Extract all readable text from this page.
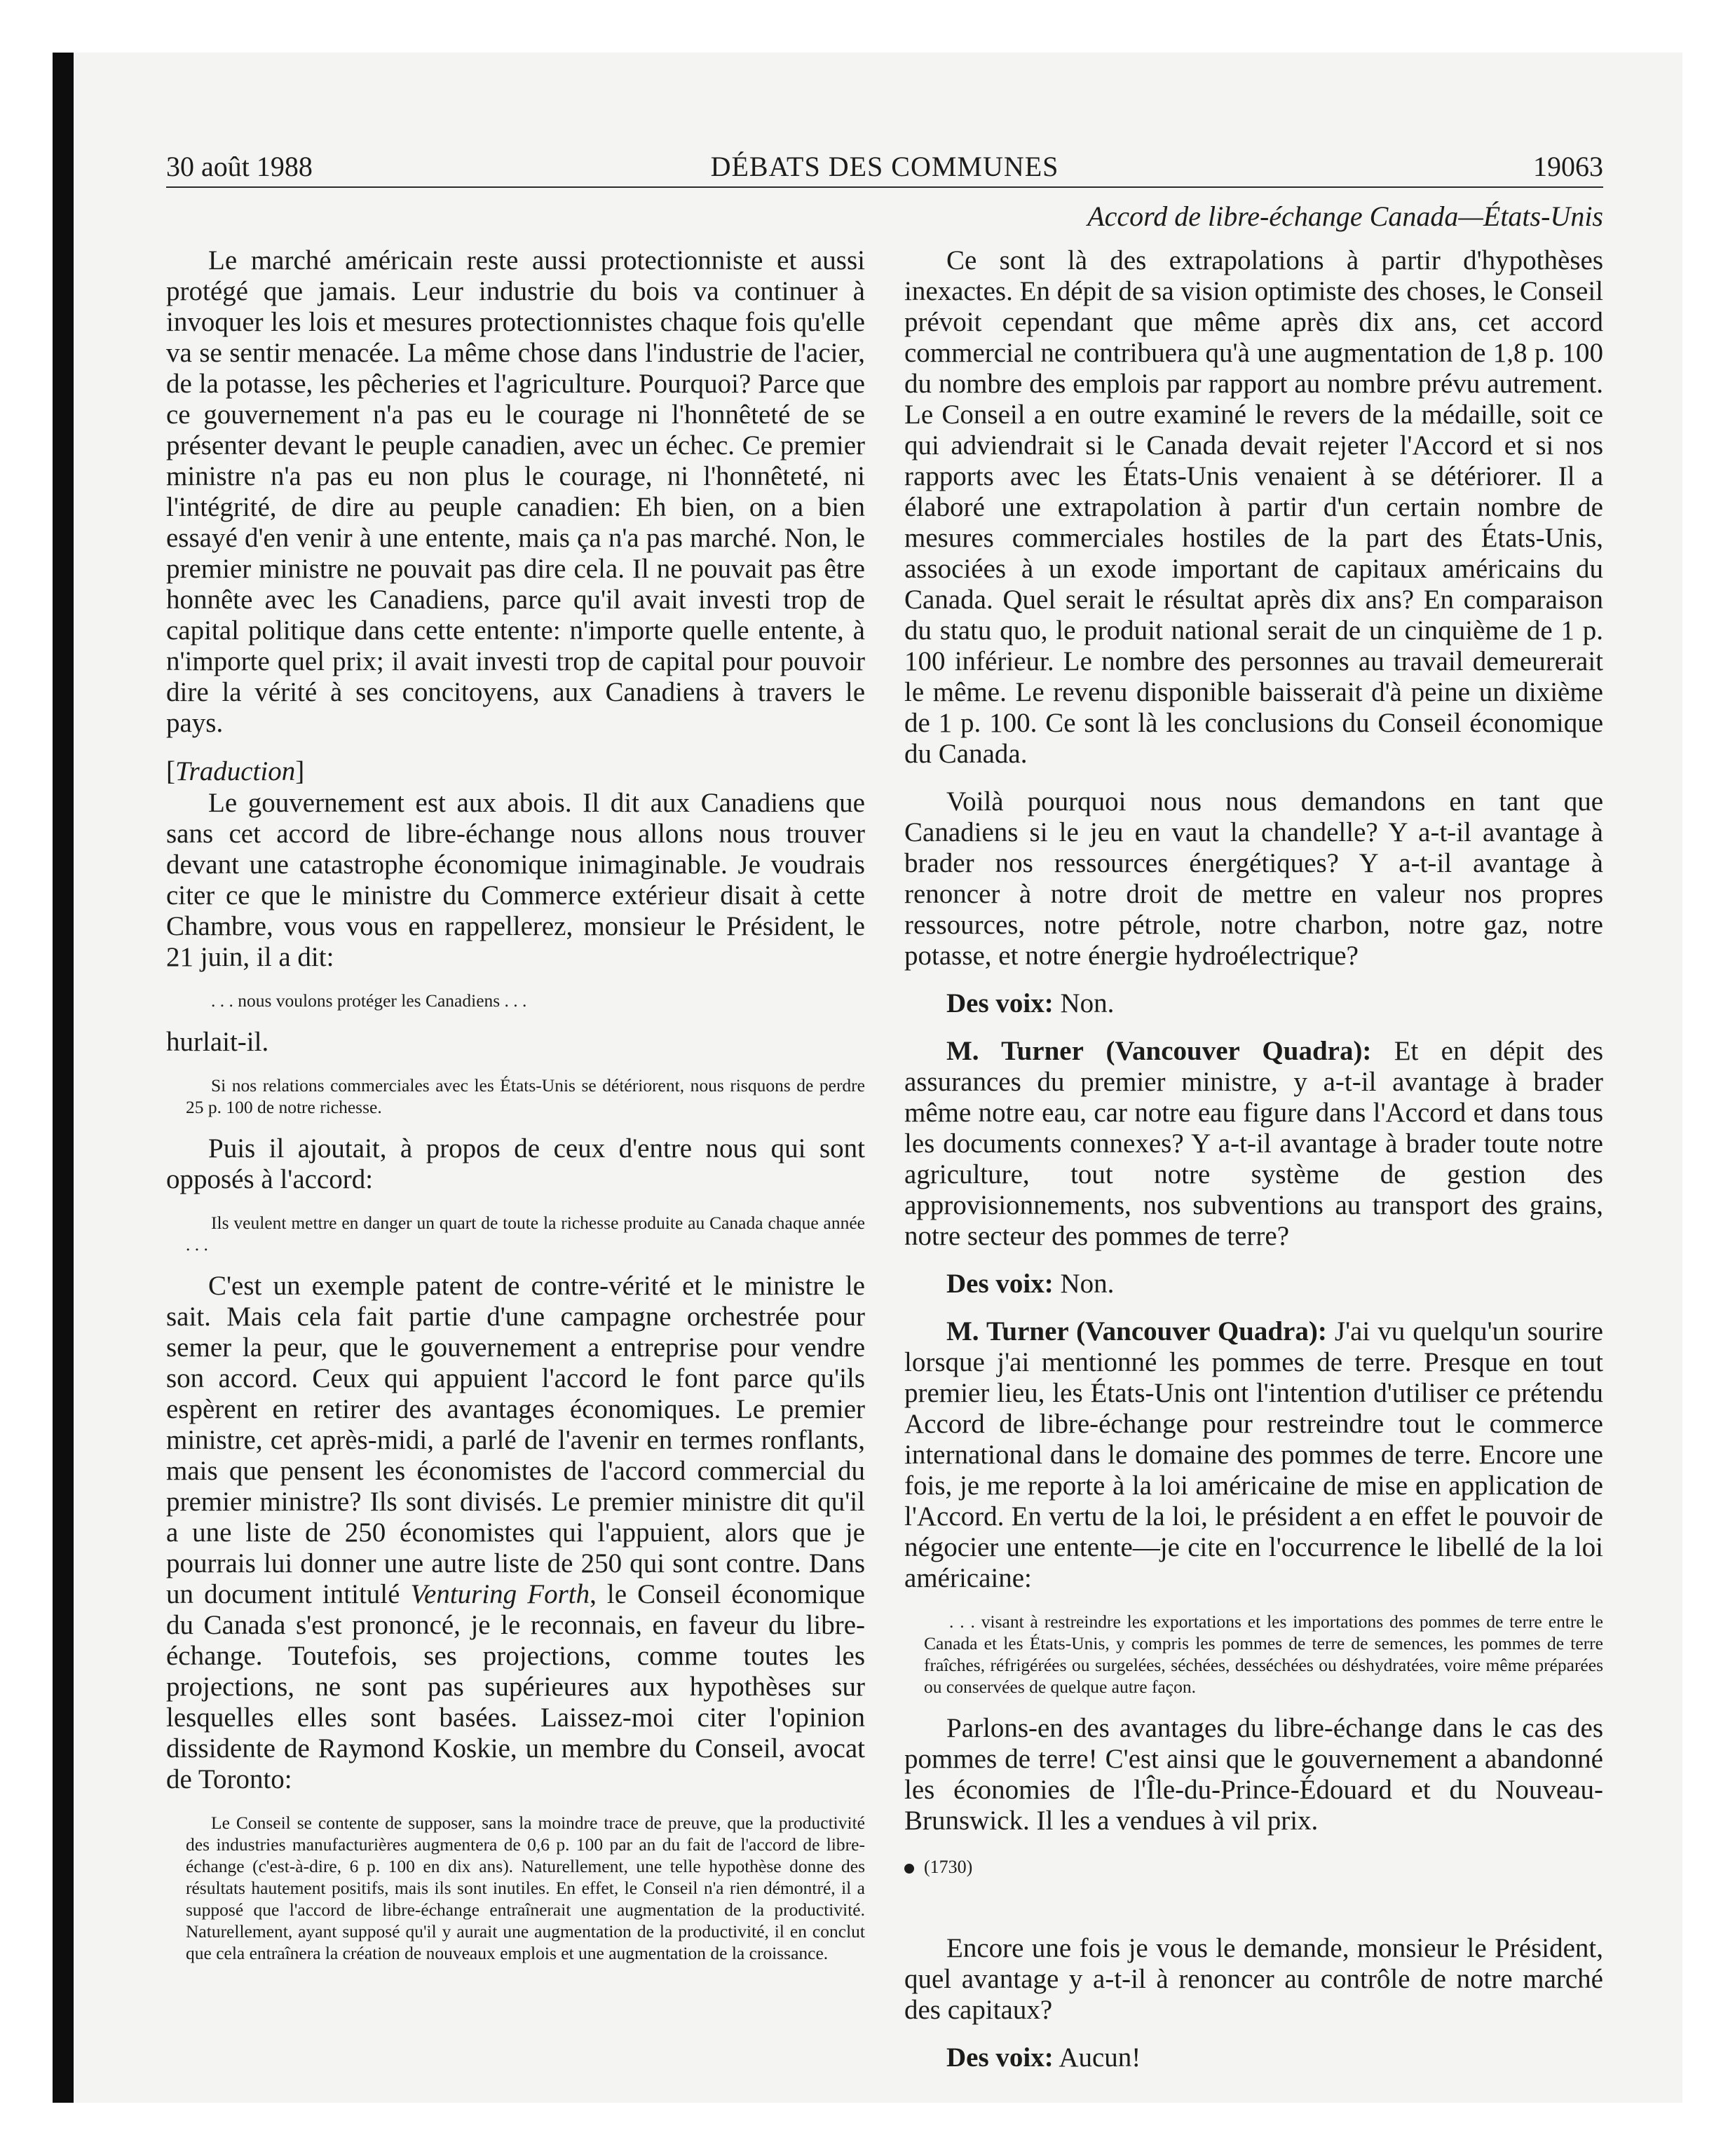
30 août 1988	DÉBATS DES COMMUNES	19063
Accord de libre-échange Canada—États-Unis

Le marché américain reste aussi protectionniste et aussi protégé que jamais. Leur industrie du bois va continuer à invoquer les lois et mesures protectionnistes chaque fois qu'elle va se sentir menacée. La même chose dans l'industrie de l'acier, de la potasse, les pêcheries et l'agriculture. Pourquoi? Parce que ce gouvernement n'a pas eu le courage ni l'honnêteté de se présenter devant le peuple canadien, avec un échec. Ce premier ministre n'a pas eu non plus le courage, ni l'honnêteté, ni l'intégrité, de dire au peuple canadien: Eh bien, on a bien essayé d'en venir à une entente, mais ça n'a pas marché. Non, le premier ministre ne pouvait pas dire cela. Il ne pouvait pas être honnête avec les Canadiens, parce qu'il avait investi trop de capital politique dans cette entente: n'importe quelle entente, à n'importe quel prix; il avait investi trop de capital pour pouvoir dire la vérité à ses concitoyens, aux Canadiens à travers le pays.

[Traduction]

Le gouvernement est aux abois. Il dit aux Canadiens que sans cet accord de libre-échange nous allons nous trouver devant une catastrophe économique inimaginable. Je voudrais citer ce que le ministre du Commerce extérieur disait à cette Chambre, vous vous en rappellerez, monsieur le Président, le 21 juin, il a dit:

. . . nous voulons protéger les Canadiens . . .

hurlait-il.

Si nos relations commerciales avec les États-Unis se détériorent, nous risquons de perdre 25 p. 100 de notre richesse.

Puis il ajoutait, à propos de ceux d'entre nous qui sont opposés à l'accord:

Ils veulent mettre en danger un quart de toute la richesse produite au Canada chaque année . . .

C'est un exemple patent de contre-vérité et le ministre le sait. Mais cela fait partie d'une campagne orchestrée pour semer la peur, que le gouvernement a entreprise pour vendre son accord. Ceux qui appuient l'accord le font parce qu'ils espèrent en retirer des avantages économiques. Le premier ministre, cet après-midi, a parlé de l'avenir en termes ronflants, mais que pensent les économistes de l'accord commercial du premier ministre? Ils sont divisés. Le premier ministre dit qu'il a une liste de 250 économistes qui l'appuient, alors que je pourrais lui donner une autre liste de 250 qui sont contre. Dans un document intitulé Venturing Forth, le Conseil économique du Canada s'est prononcé, je le reconnais, en faveur du libre-échange. Toutefois, ses projections, comme toutes les projections, ne sont pas supérieures aux hypothèses sur lesquelles elles sont basées. Laissez-moi citer l'opinion dissidente de Raymond Koskie, un membre du Conseil, avocat de Toronto:

Le Conseil se contente de supposer, sans la moindre trace de preuve, que la productivité des industries manufacturières augmentera de 0,6 p. 100 par an du fait de l'accord de libre-échange (c'est-à-dire, 6 p. 100 en dix ans). Naturellement, une telle hypothèse donne des résultats hautement positifs, mais ils sont inutiles. En effet, le Conseil n'a rien démontré, il a supposé que l'accord de libre-échange entraînerait une augmentation de la productivité. Naturellement, ayant supposé qu'il y aurait une augmentation de la productivité, il en conclut que cela entraînera la création de nouveaux emplois et une augmentation de la croissance.

Ce sont là des extrapolations à partir d'hypothèses inexactes. En dépit de sa vision optimiste des choses, le Conseil prévoit cependant que même après dix ans, cet accord commercial ne contribuera qu'à une augmentation de 1,8 p. 100 du nombre des emplois par rapport au nombre prévu autrement. Le Conseil a en outre examiné le revers de la médaille, soit ce qui adviendrait si le Canada devait rejeter l'Accord et si nos rapports avec les États-Unis venaient à se détériorer. Il a élaboré une extrapolation à partir d'un certain nombre de mesures commerciales hostiles de la part des États-Unis, associées à un exode important de capitaux américains du Canada. Quel serait le résultat après dix ans? En comparaison du statu quo, le produit national serait de un cinquième de 1 p. 100 inférieur. Le nombre des personnes au travail demeurerait le même. Le revenu disponible baisserait d'à peine un dixième de 1 p. 100. Ce sont là les conclusions du Conseil économique du Canada.

Voilà pourquoi nous nous demandons en tant que Canadiens si le jeu en vaut la chandelle? Y a-t-il avantage à brader nos ressources énergétiques? Y a-t-il avantage à renoncer à notre droit de mettre en valeur nos propres ressources, notre pétrole, notre charbon, notre gaz, notre potasse, et notre énergie hydroélectrique?

Des voix: Non.

M. Turner (Vancouver Quadra): Et en dépit des assurances du premier ministre, y a-t-il avantage à brader même notre eau, car notre eau figure dans l'Accord et dans tous les documents connexes? Y a-t-il avantage à brader toute notre agriculture, tout notre système de gestion des approvisionnements, nos subventions au transport des grains, notre secteur des pommes de terre?

Des voix: Non.

M. Turner (Vancouver Quadra): J'ai vu quelqu'un sourire lorsque j'ai mentionné les pommes de terre. Presque en tout premier lieu, les États-Unis ont l'intention d'utiliser ce prétendu Accord de libre-échange pour restreindre tout le commerce international dans le domaine des pommes de terre. Encore une fois, je me reporte à la loi américaine de mise en application de l'Accord. En vertu de la loi, le président a en effet le pouvoir de négocier une entente—je cite en l'occurrence le libellé de la loi américaine:

. . . visant à restreindre les exportations et les importations des pommes de terre entre le Canada et les États-Unis, y compris les pommes de terre de semences, les pommes de terre fraîches, réfrigérées ou surgelées, séchées, desséchées ou déshydratées, voire même préparées ou conservées de quelque autre façon.

Parlons-en des avantages du libre-échange dans le cas des pommes de terre! C'est ainsi que le gouvernement a abandonné les économies de l'Île-du-Prince-Édouard et du Nouveau-Brunswick. Il les a vendues à vil prix.

(1730)

Encore une fois je vous le demande, monsieur le Président, quel avantage y a-t-il à renoncer au contrôle de notre marché des capitaux?

Des voix: Aucun!
